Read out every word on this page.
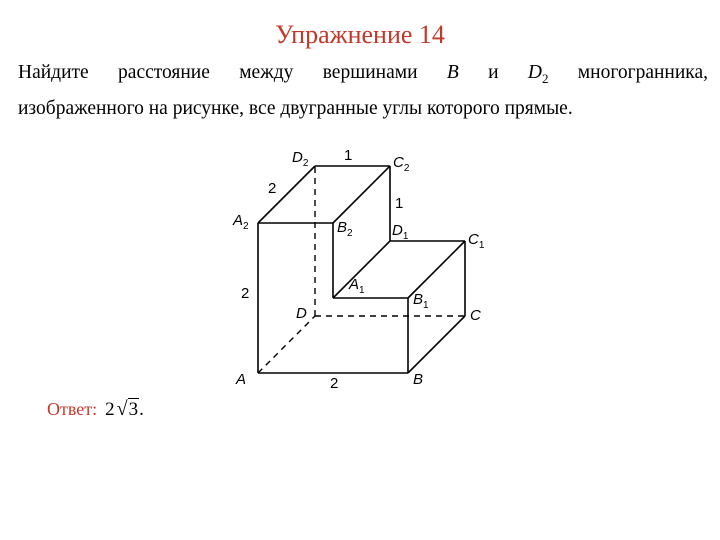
Упражнение 14
Найдите расстояние между вершинами B и $D_2$ многогранника,
изображенного на рисунке, все двугранные углы которого прямые.
A	B
C
D
$A_1$
$B_1$
$C_1$
$D_1$
$A_2$	$B_2$
$C_2$
$D_2$ 1
1
2
2
2
Ответ: 2 √3 .
